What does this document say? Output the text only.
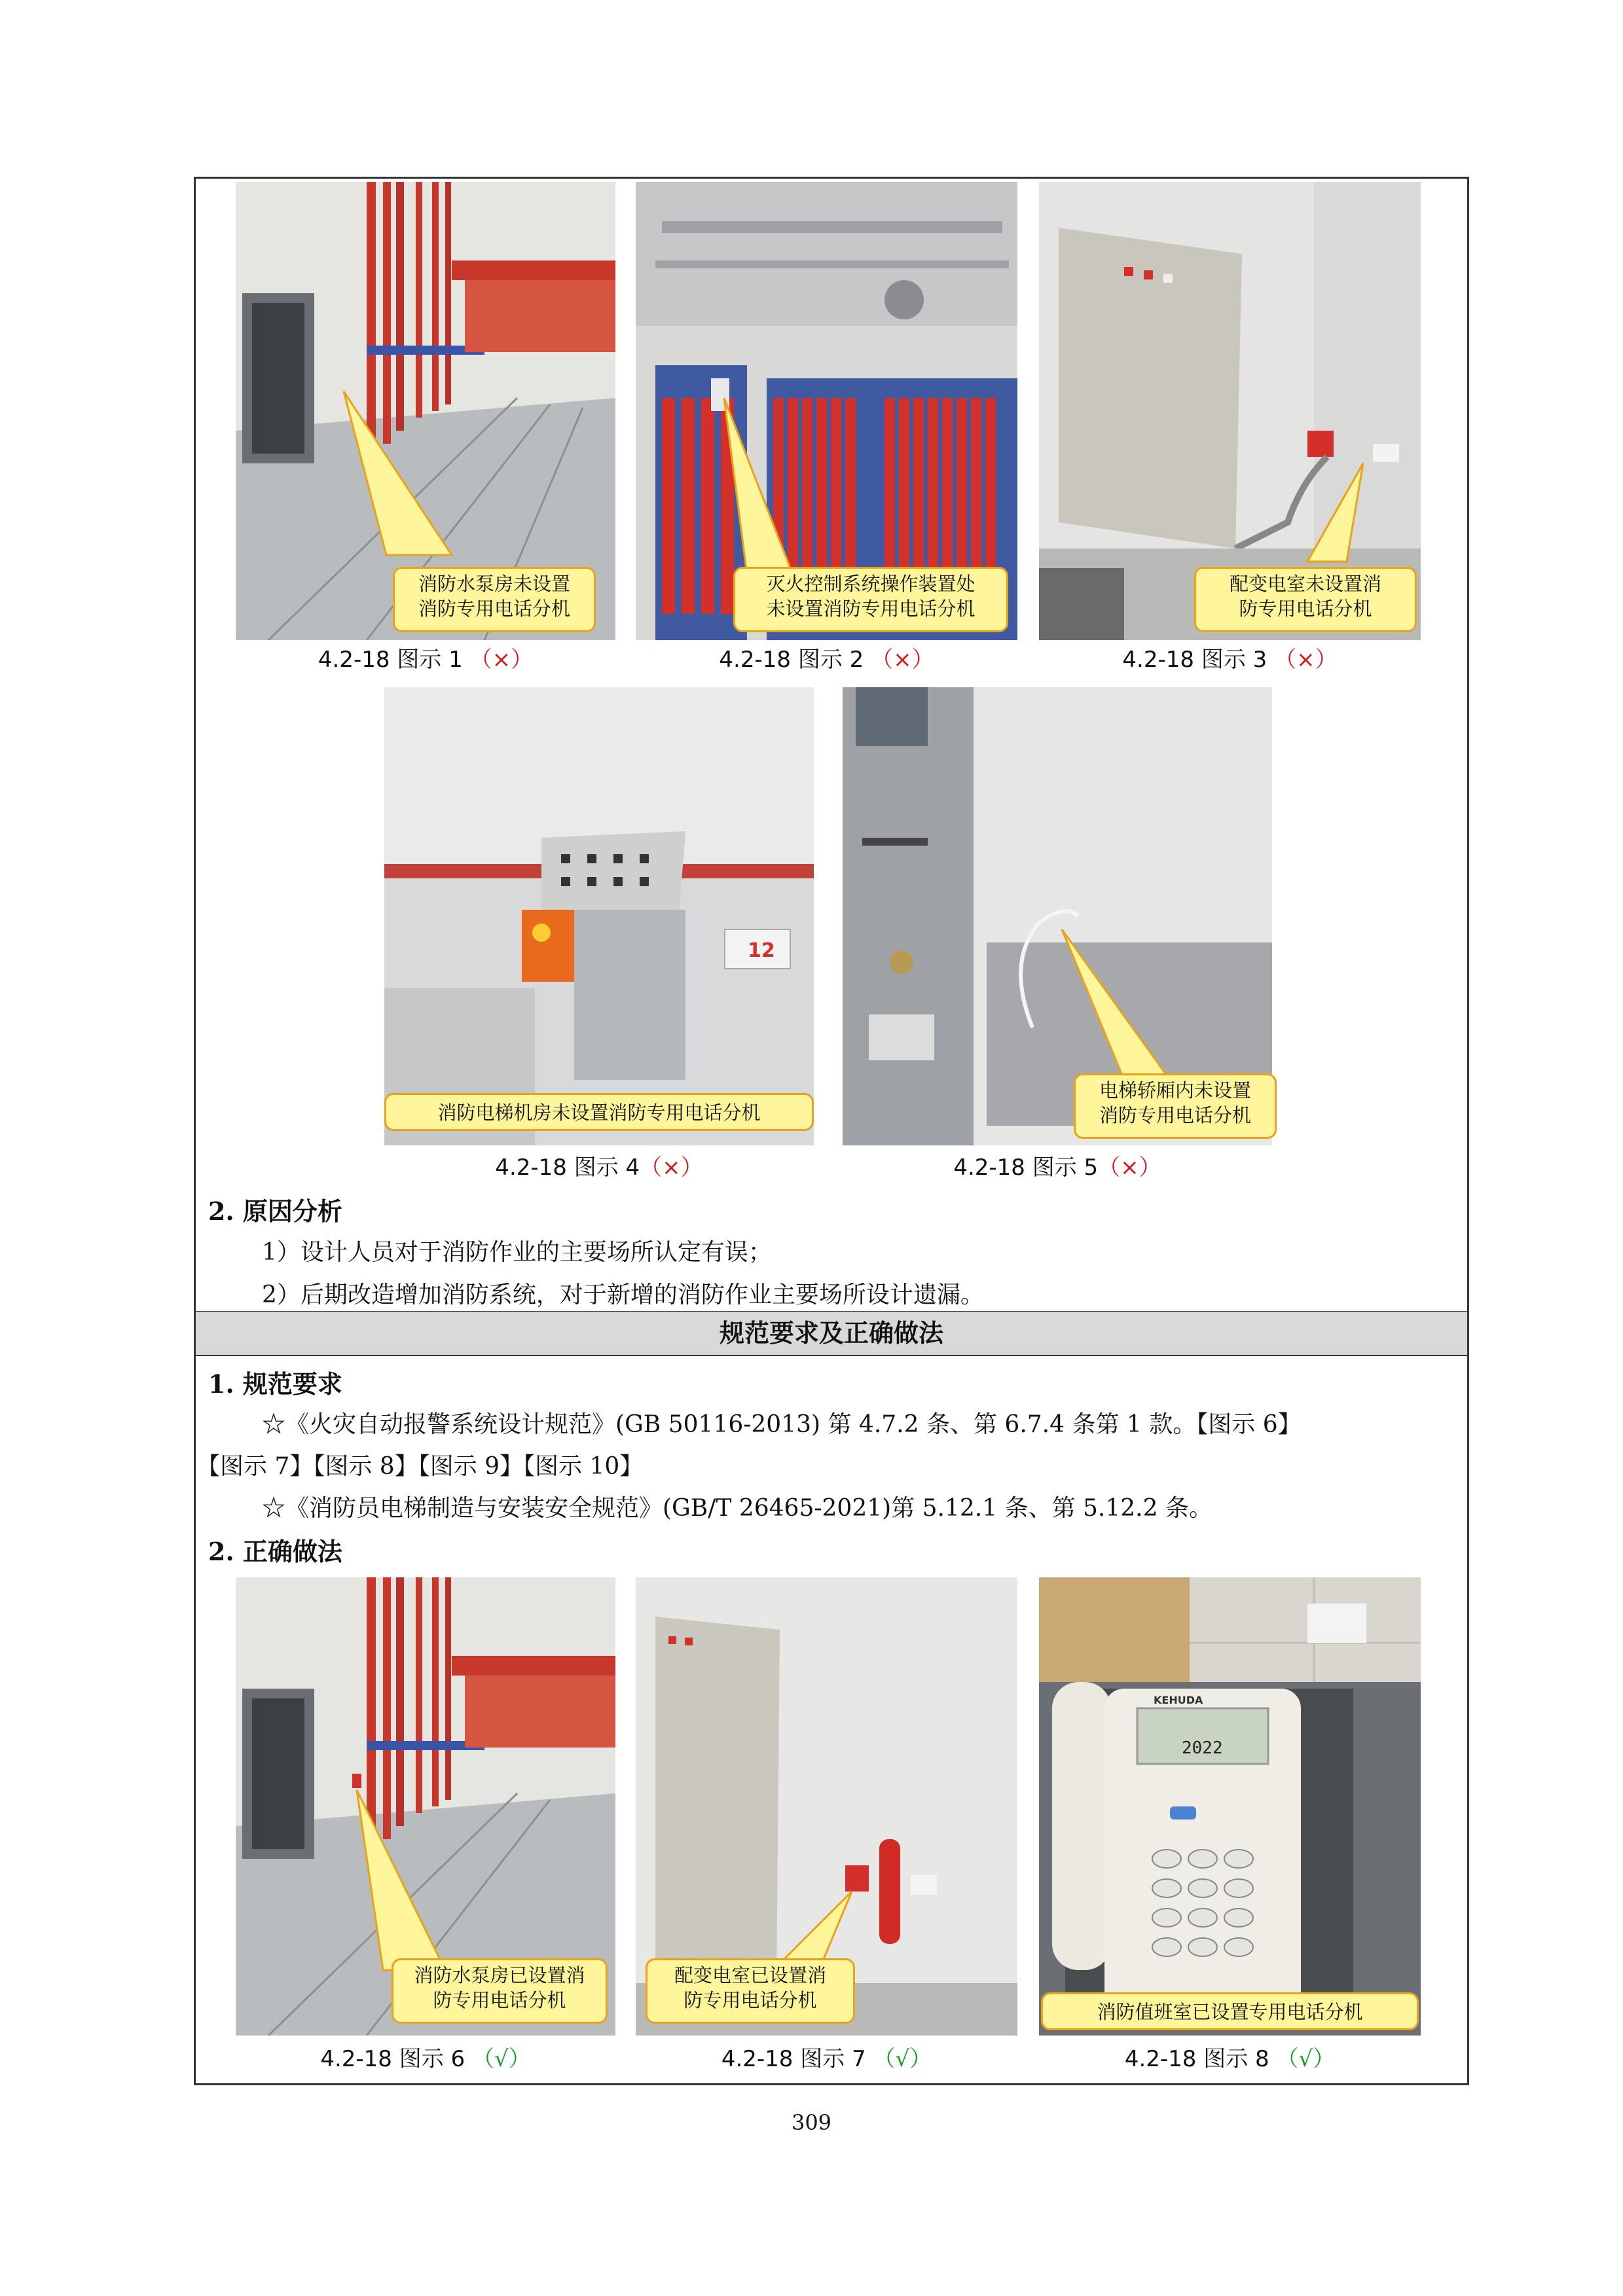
消防水泵房未设置
消防专用电话分机
灭火控制系统操作装置处
未设置消防专用电话分机
配变电室未设置消
防专用电话分机
4.2-18 图示 1 （×）	4.2-18 图示 2 （×）	4.2-18 图示 3 （×）
12
消防电梯机房未设置消防专用电话分机
电梯轿厢内未设置
消防专用电话分机
4.2-18 图示 4（×）	4.2-18 图示 5（×）
2. 原因分析
1）设计人员对于消防作业的主要场所认定有误；
2）后期改造增加消防系统，对于新增的消防作业主要场所设计遗漏。
规范要求及正确做法
1. 规范要求
☆《火灾自动报警系统设计规范》(GB 50116-2013) 第 4.7.2 条、第 6.7.4 条第 1 款。【图示 6】
【图示 7】【图示 8】【图示 9】【图示 10】
☆《消防员电梯制造与安装安全规范》(GB/T 26465-2021)第 5.12.1 条、第 5.12.2 条。
2. 正确做法
消防水泵房已设置消
防专用电话分机
配变电室已设置消
防专用电话分机
KEHUDA
2022
消防值班室已设置专用电话分机
4.2-18 图示 6 （√）	4.2-18 图示 7 （√）	4.2-18 图示 8 （√）
309
